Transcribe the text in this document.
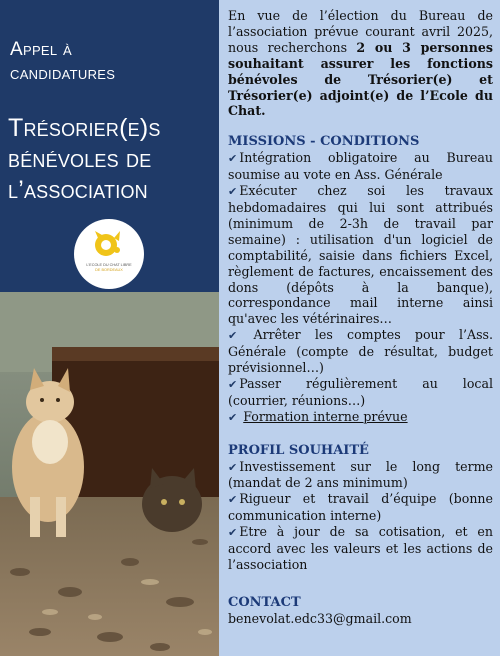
Appel à
candidatures
Trésorier(e)s
bénévoles de
l’association
L'ECOLE DU CHAT LIBRE
DE BORDEAUX

En vue de l’élection du Bureau de l’association prévue courant avril 2025, nous recherchons 2 ou 3 personnes souhaitant assurer les fonctions bénévoles de Trésorier(e) et Trésorier(e) adjoint(e) de l’Ecole du Chat.

MISSIONS - CONDITIONS

✔ Intégration obligatoire au Bureau soumise au vote en Ass. Générale

✔ Exécuter chez soi les travaux hebdomadaires qui lui sont attribués (minimum de 2-3h de travail par semaine) : utilisation d'un logiciel de comptabilité, saisie dans fichiers Excel, règlement de factures, encaissement des dons (dépôts à la banque), correspondance mail interne ainsi qu'avec les vétérinaires…

✔ Arrêter les comptes pour l’Ass. Générale (compte de résultat, budget prévisionnel…)

✔ Passer régulièrement au local (courrier, réunions…)

✔ Formation interne prévue

PROFIL SOUHAITÉ

✔ Investissement sur le long terme (mandat de 2 ans minimum)

✔ Rigueur et travail d’équipe (bonne communication interne)

✔ Etre à jour de sa cotisation, et en accord avec les valeurs et les actions de l’association

CONTACT

benevolat.edc33@gmail.com
